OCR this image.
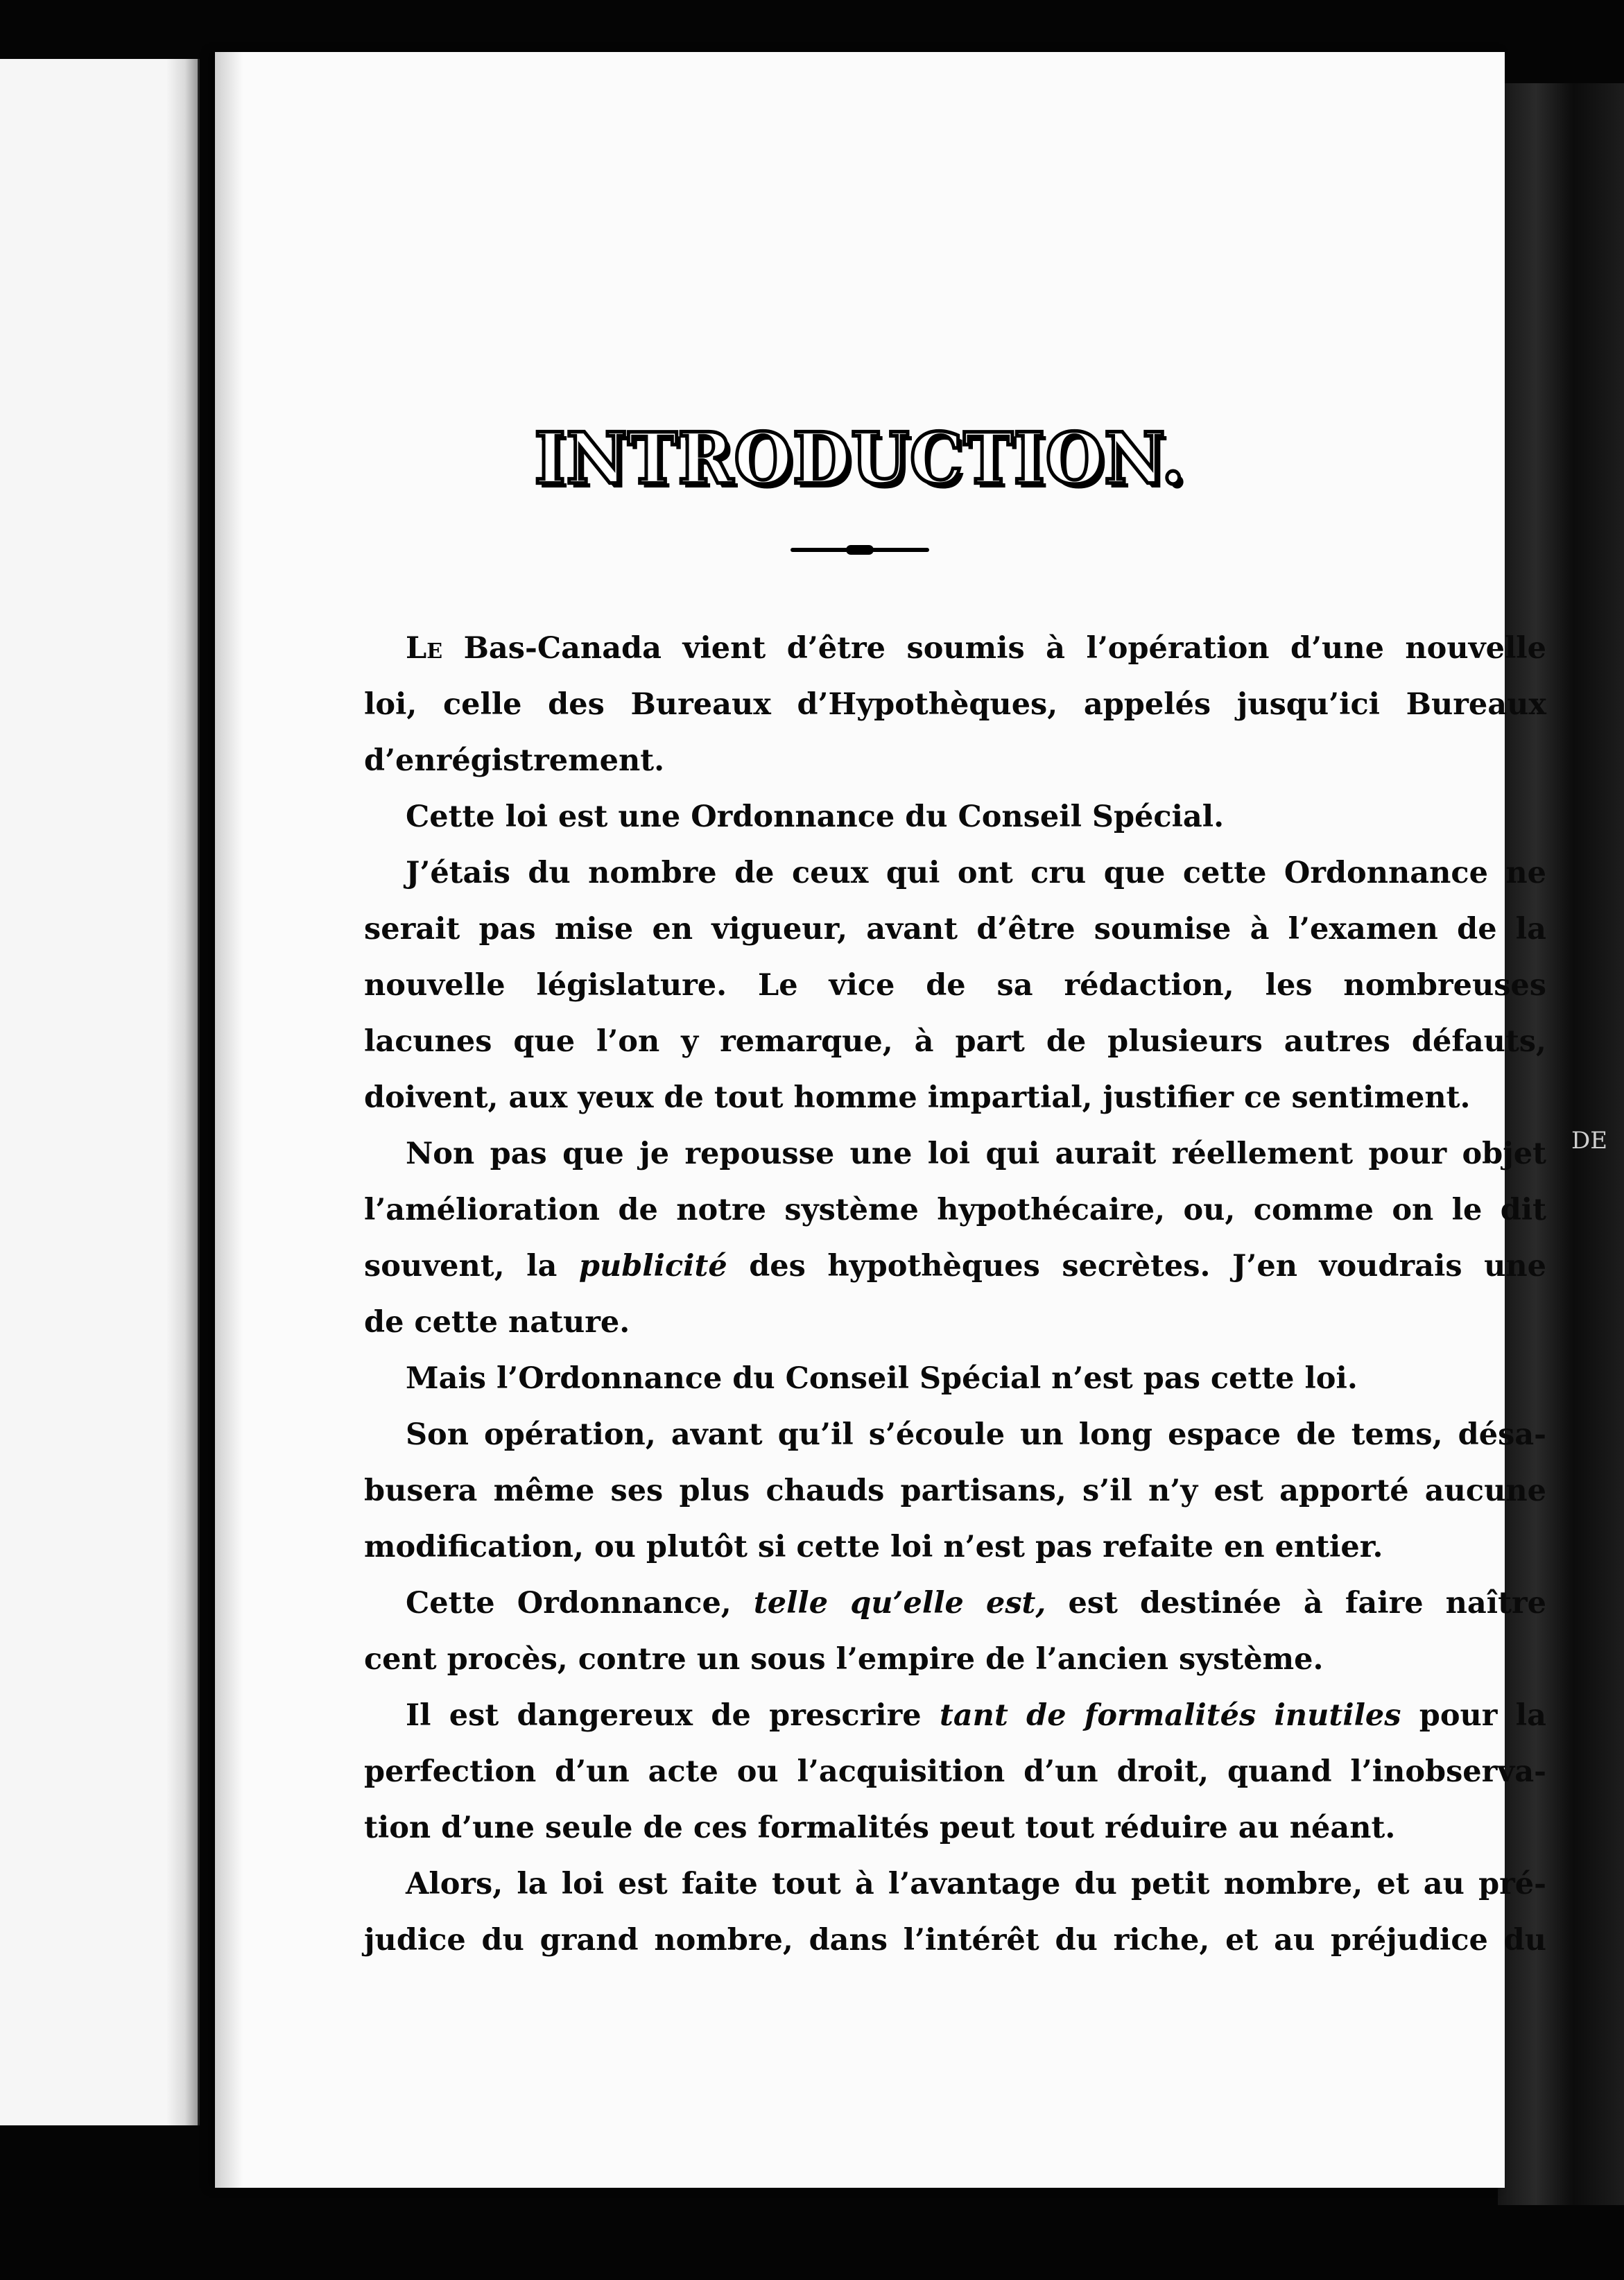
DE
INTRODUCTION.
Le Bas-Canada vient d’être soumis à l’opération d’une nouvelle
loi, celle des Bureaux d’Hypothèques, appelés jusqu’ici Bureaux
d’enrégistrement.
Cette loi est une Ordonnance du Conseil Spécial.
J’étais du nombre de ceux qui ont cru que cette Ordonnance ne
serait pas mise en vigueur, avant d’être soumise à l’examen de la
nouvelle législature. Le vice de sa rédaction, les nombreuses
lacunes que l’on y remarque, à part de plusieurs autres défauts,
doivent, aux yeux de tout homme impartial, justifier ce sentiment.
Non pas que je repousse une loi qui aurait réellement pour objet
l’amélioration de notre système hypothécaire, ou, comme on le dit
souvent, la publicité des hypothèques secrètes. J’en voudrais une
de cette nature.
Mais l’Ordonnance du Conseil Spécial n’est pas cette loi.
Son opération, avant qu’il s’écoule un long espace de tems, désa-
busera même ses plus chauds partisans, s’il n’y est apporté aucune
modification, ou plutôt si cette loi n’est pas refaite en entier.
Cette Ordonnance, telle qu’elle est, est destinée à faire naître
cent procès, contre un sous l’empire de l’ancien système.
Il est dangereux de prescrire tant de formalités inutiles pour la
perfection d’un acte ou l’acquisition d’un droit, quand l’inobserva-
tion d’une seule de ces formalités peut tout réduire au néant.
Alors, la loi est faite tout à l’avantage du petit nombre, et au pré-
judice du grand nombre, dans l’intérêt du riche, et au préjudice du
